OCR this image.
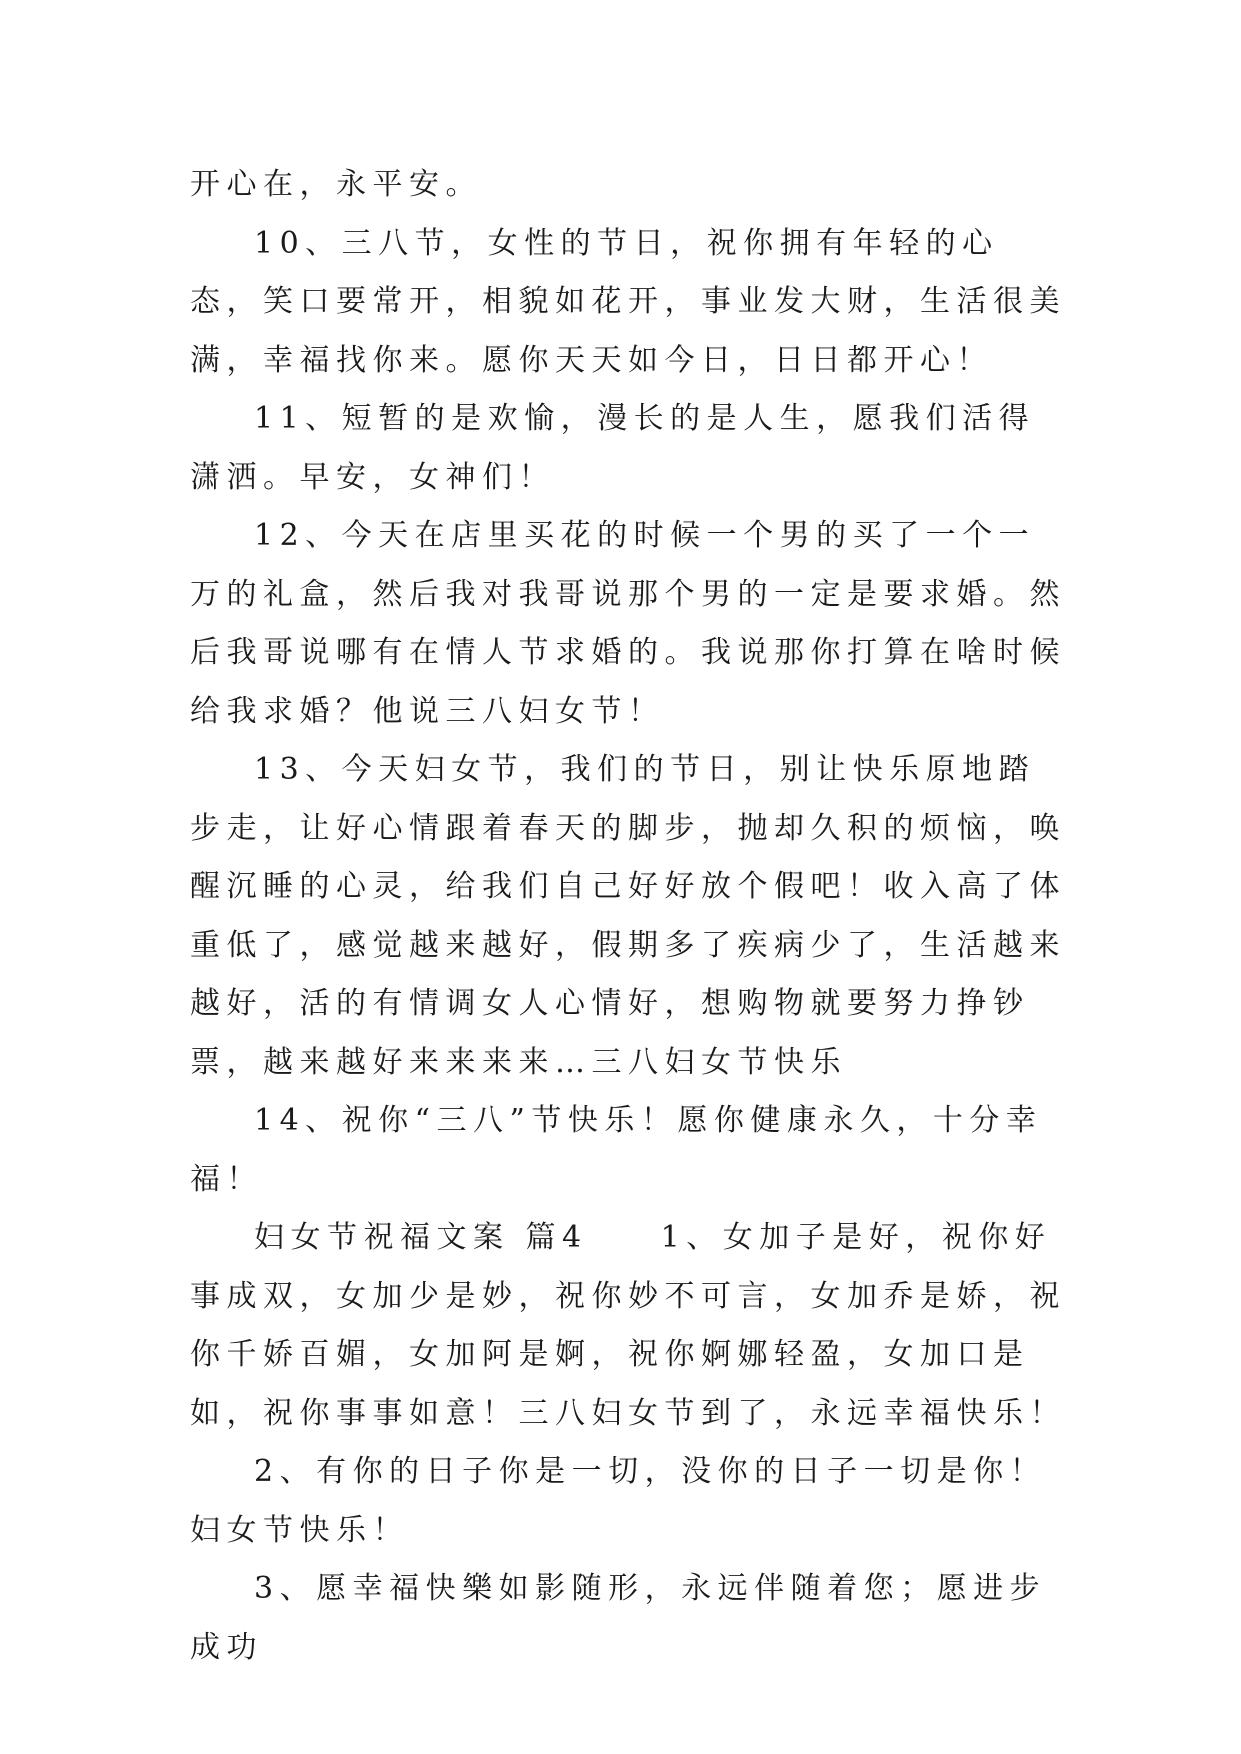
开心在，永平安。

10、三八节，女性的节日，祝你拥有年轻的心态，笑口要常开，相貌如花开，事业发大财，生活很美满，幸福找你来。愿你天天如今日，日日都开心！

11、短暂的是欢愉，漫长的是人生，愿我们活得潇洒。早安，女神们！

12、今天在店里买花的时候一个男的买了一个一万的礼盒，然后我对我哥说那个男的一定是要求婚。然后我哥说哪有在情人节求婚的。我说那你打算在啥时候给我求婚？他说三八妇女节！

13、今天妇女节，我们的节日，别让快乐原地踏步走，让好心情跟着春天的脚步，抛却久积的烦恼，唤醒沉睡的心灵，给我们自己好好放个假吧！收入高了体重低了，感觉越来越好，假期多了疾病少了，生活越来越好，活的有情调女人心情好，想购物就要努力挣钞票，越来越好来来来来…三八妇女节快乐

14、祝你“三八”节快乐！愿你健康永久，十分幸福！

妇女节祝福文案 篇4　　1、女加子是好，祝你好事成双，女加少是妙，祝你妙不可言，女加乔是娇，祝你千娇百媚，女加阿是婀，祝你婀娜轻盈，女加口是如，祝你事事如意！三八妇女节到了，永远幸福快乐！

2、有你的日子你是一切，没你的日子一切是你！妇女节快乐！

3、愿幸福快樂如影随形，永远伴随着您；愿进步成功
